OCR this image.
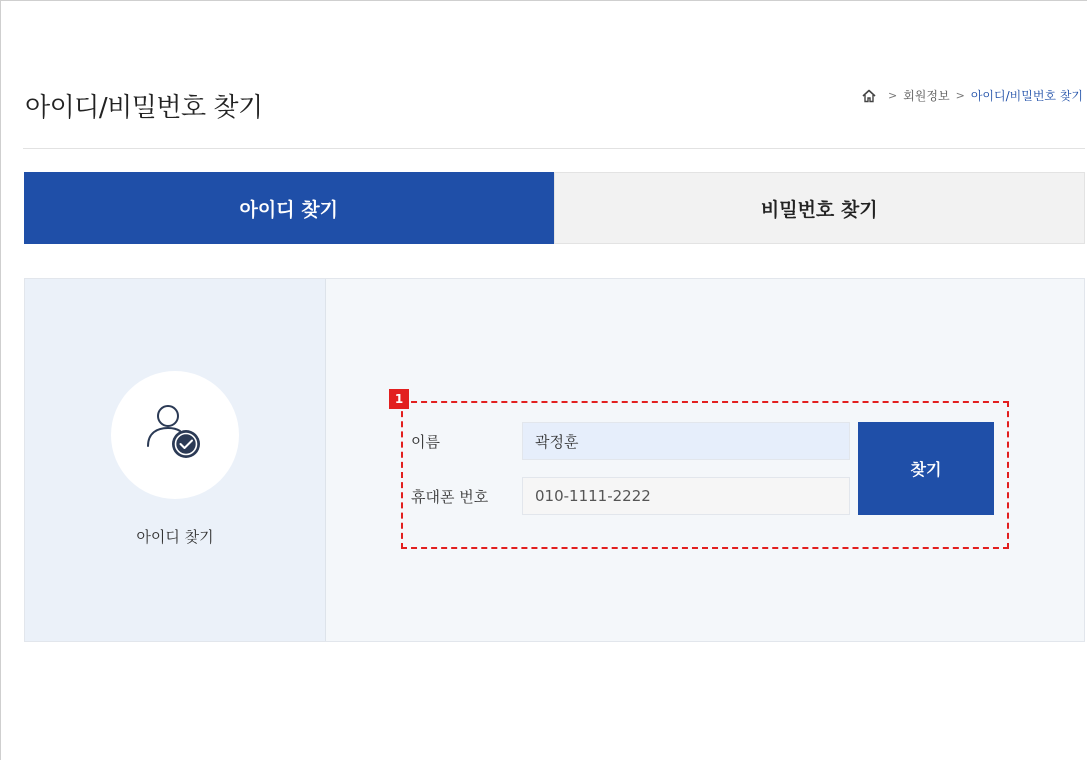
아이디/비밀번호 찾기	> 회원정보 > 아이디/비밀번호 찾기
아이디 찾기	비밀번호 찾기
아이디 찾기
1
이름	곽정훈
휴대폰 번호	010-1111-2222
찾기
